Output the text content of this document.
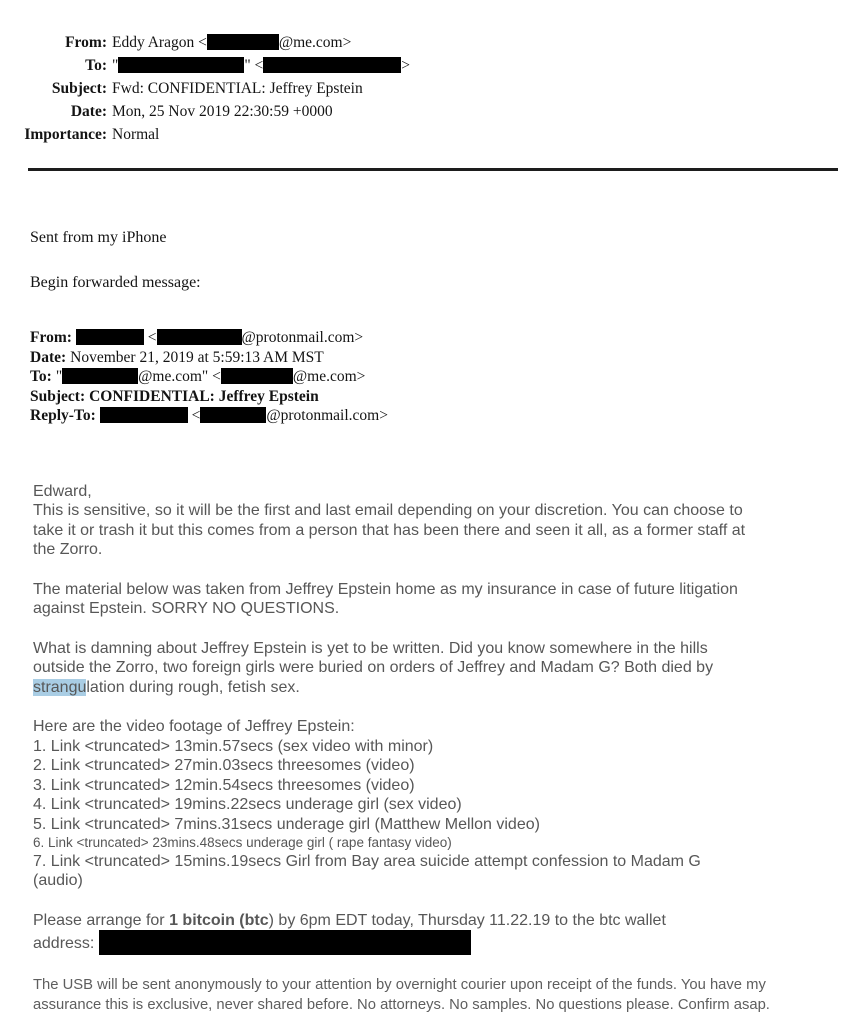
From: Eddy Aragon <	@me.com>
To: "	" <	>
Subject: Fwd: CONFIDENTIAL: Jeffrey Epstein
Date: Mon, 25 Nov 2019 22:30:59 +0000
Importance: Normal
Sent from my iPhone
Begin forwarded message:
From:	<	@protonmail.com>
Date: November 21, 2019 at 5:59:13 AM MST
To: "	@me.com" <	@me.com>
Subject: CONFIDENTIAL: Jeffrey Epstein
Reply-To:	<	@protonmail.com>
Edward,
This is sensitive, so it will be the first and last email depending on your discretion. You can choose to
take it or trash it but this comes from a person that has been there and seen it all, as a former staff at
the Zorro.
The material below was taken from Jeffrey Epstein home as my insurance in case of future litigation
against Epstein. SORRY NO QUESTIONS.
What is damning about Jeffrey Epstein is yet to be written. Did you know somewhere in the hills
outside the Zorro, two foreign girls were buried on orders of Jeffrey and Madam G? Both died by
strangulation during rough, fetish sex.
Here are the video footage of Jeffrey Epstein:
1. Link <truncated> 13min.57secs (sex video with minor)
2. Link <truncated> 27min.03secs threesomes (video)
3. Link <truncated> 12min.54secs threesomes (video)
4. Link <truncated> 19mins.22secs underage girl (sex video)
5. Link <truncated> 7mins.31secs underage girl (Matthew Mellon video)
6. Link <truncated> 23mins.48secs underage girl ( rape fantasy video)
7. Link <truncated> 15mins.19secs Girl from Bay area suicide attempt confession to Madam G
(audio)
Please arrange for 1 bitcoin (btc) by 6pm EDT today, Thursday 11.22.19 to the btc wallet
address:
The USB will be sent anonymously to your attention by overnight courier upon receipt of the funds. You have my
assurance this is exclusive, never shared before. No attorneys. No samples. No questions please. Confirm asap.
